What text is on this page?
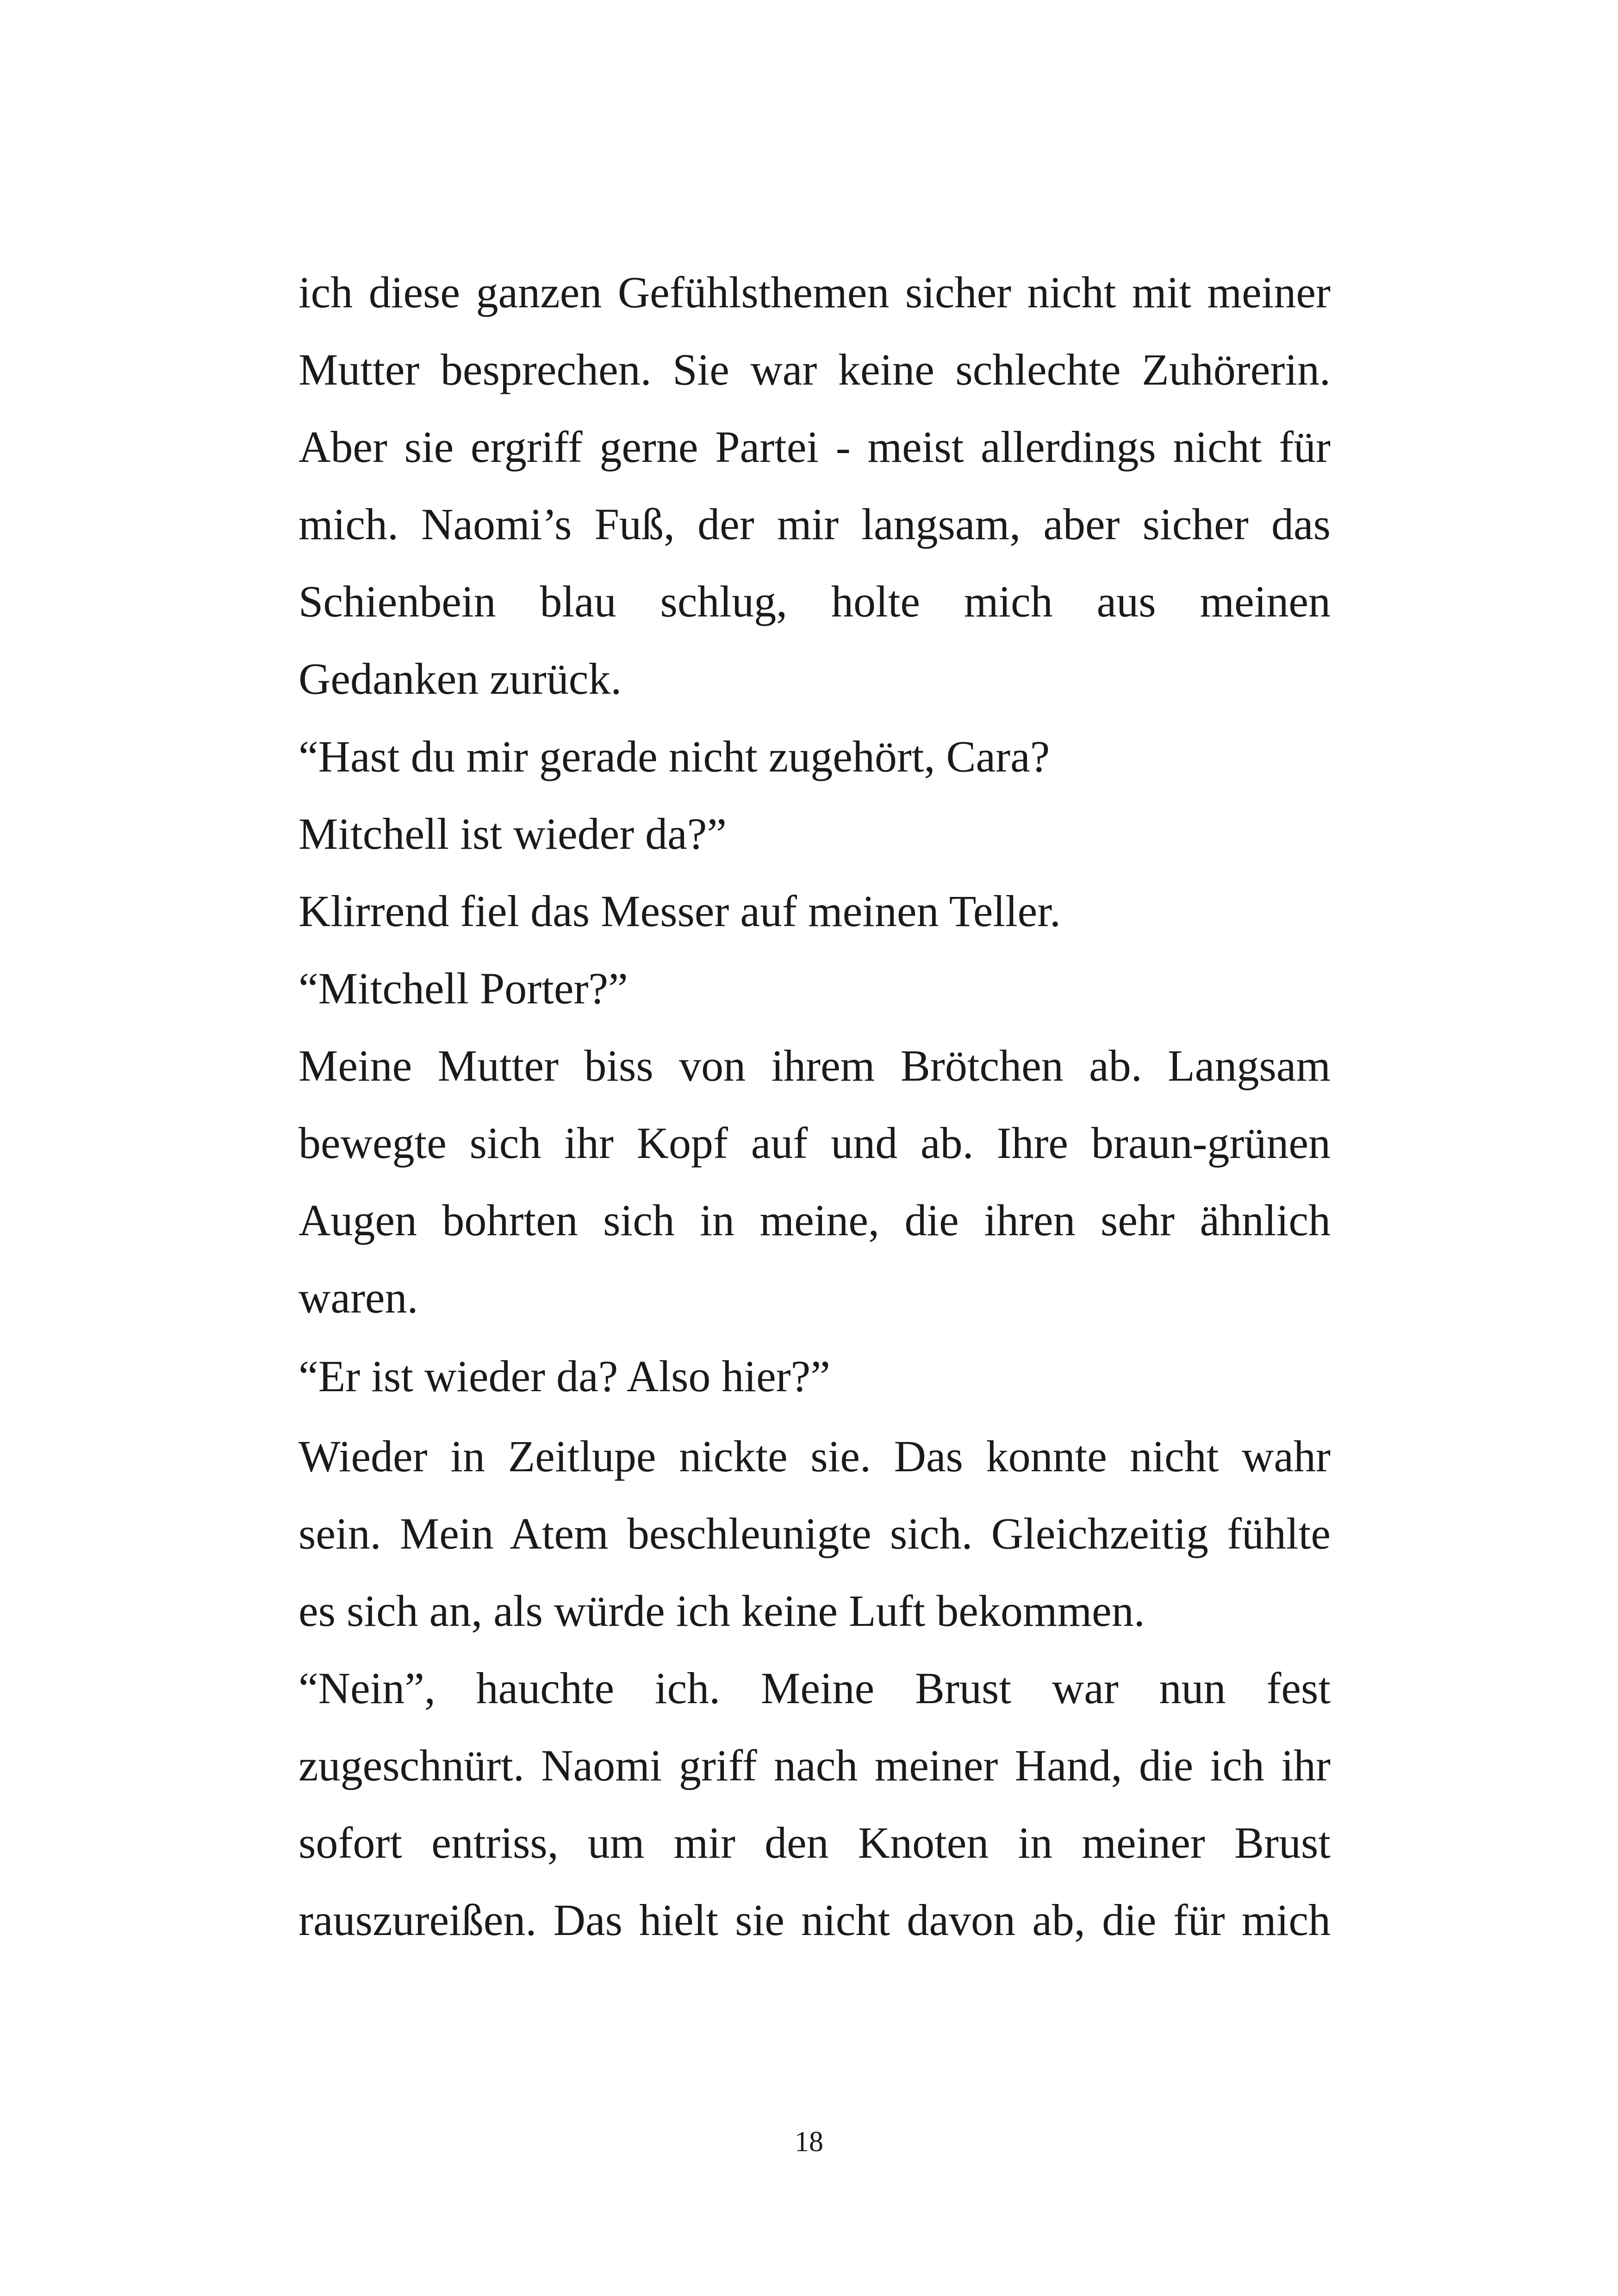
ich diese ganzen Gefühlsthemen sicher nicht mit meiner
Mutter besprechen. Sie war keine schlechte Zuhörerin.
Aber sie ergriff gerne Partei - meist allerdings nicht für
mich. Naomi’s Fuß, der mir langsam, aber sicher das
Schienbein blau schlug, holte mich aus meinen
Gedanken zurück.
“Hast du mir gerade nicht zugehört, Cara?
Mitchell ist wieder da?”
Klirrend fiel das Messer auf meinen Teller.
“Mitchell Porter?”
Meine Mutter biss von ihrem Brötchen ab. Langsam
bewegte sich ihr Kopf auf und ab. Ihre braun-grünen
Augen bohrten sich in meine, die ihren sehr ähnlich
waren.
“Er ist wieder da? Also hier?”
Wieder in Zeitlupe nickte sie. Das konnte nicht wahr
sein. Mein Atem beschleunigte sich. Gleichzeitig fühlte
es sich an, als würde ich keine Luft bekommen.
“Nein”, hauchte ich. Meine Brust war nun fest
zugeschnürt. Naomi griff nach meiner Hand, die ich ihr
sofort entriss, um mir den Knoten in meiner Brust
rauszureißen. Das hielt sie nicht davon ab, die für mich
18
